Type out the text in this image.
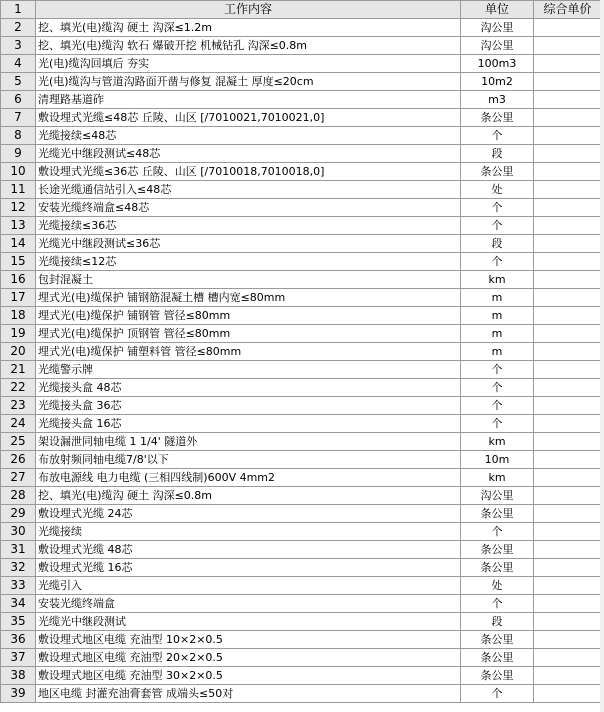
1	工作内容	单位	综合单价
2	挖、填光(电)缆沟 硬土 沟深≤1.2m	沟公里	
3	挖、填光(电)缆沟 软石 爆破开挖 机械钻孔 沟深≤0.8m	沟公里	
4	光(电)缆沟回填后 夯实	100m3	
5	光(电)缆沟与管道沟路面开凿与修复 混凝土 厚度≤20cm	10m2	
6	清理路基道砟	m3	
7	敷设埋式光缆≤48芯 丘陵、山区 [/7010021,7010021,0]	条公里	
8	光缆接续≤48芯	个	
9	光缆光中继段测试≤48芯	段	
10	敷设埋式光缆≤36芯 丘陵、山区 [/7010018,7010018,0]	条公里	
11	长途光缆通信站引入≤48芯	处	
12	安装光缆终端盒≤48芯	个	
13	光缆接续≤36芯	个	
14	光缆光中继段测试≤36芯	段	
15	光缆接续≤12芯	个	
16	包封混凝土	km	
17	埋式光(电)缆保护 铺钢筋混凝土槽 槽内宽≤80mm	m	
18	埋式光(电)缆保护 铺钢管 管径≤80mm	m	
19	埋式光(电)缆保护 顶钢管 管径≤80mm	m	
20	埋式光(电)缆保护 铺塑料管 管径≤80mm	m	
21	光缆警示牌	个	
22	光缆接头盒 48芯	个	
23	光缆接头盒 36芯	个	
24	光缆接头盒 16芯	个	
25	架设漏泄同轴电缆 1 1/4' 隧道外	km	
26	布放射频同轴电缆7/8'以下	10m	
27	布放电源线 电力电缆 (三相四线制)600V 4mm2	km	
28	挖、填光(电)缆沟 硬土 沟深≤0.8m	沟公里	
29	敷设埋式光缆 24芯	条公里	
30	光缆接续	个	
31	敷设埋式光缆 48芯	条公里	
32	敷设埋式光缆 16芯	条公里	
33	光缆引入	处	
34	安装光缆终端盒	个	
35	光缆光中继段测试	段	
36	敷设埋式地区电缆 充油型 10×2×0.5	条公里	
37	敷设埋式地区电缆 充油型 20×2×0.5	条公里	
38	敷设埋式地区电缆 充油型 30×2×0.5	条公里	
39	地区电缆 封灌充油膏套管 成端头≤50对	个	
